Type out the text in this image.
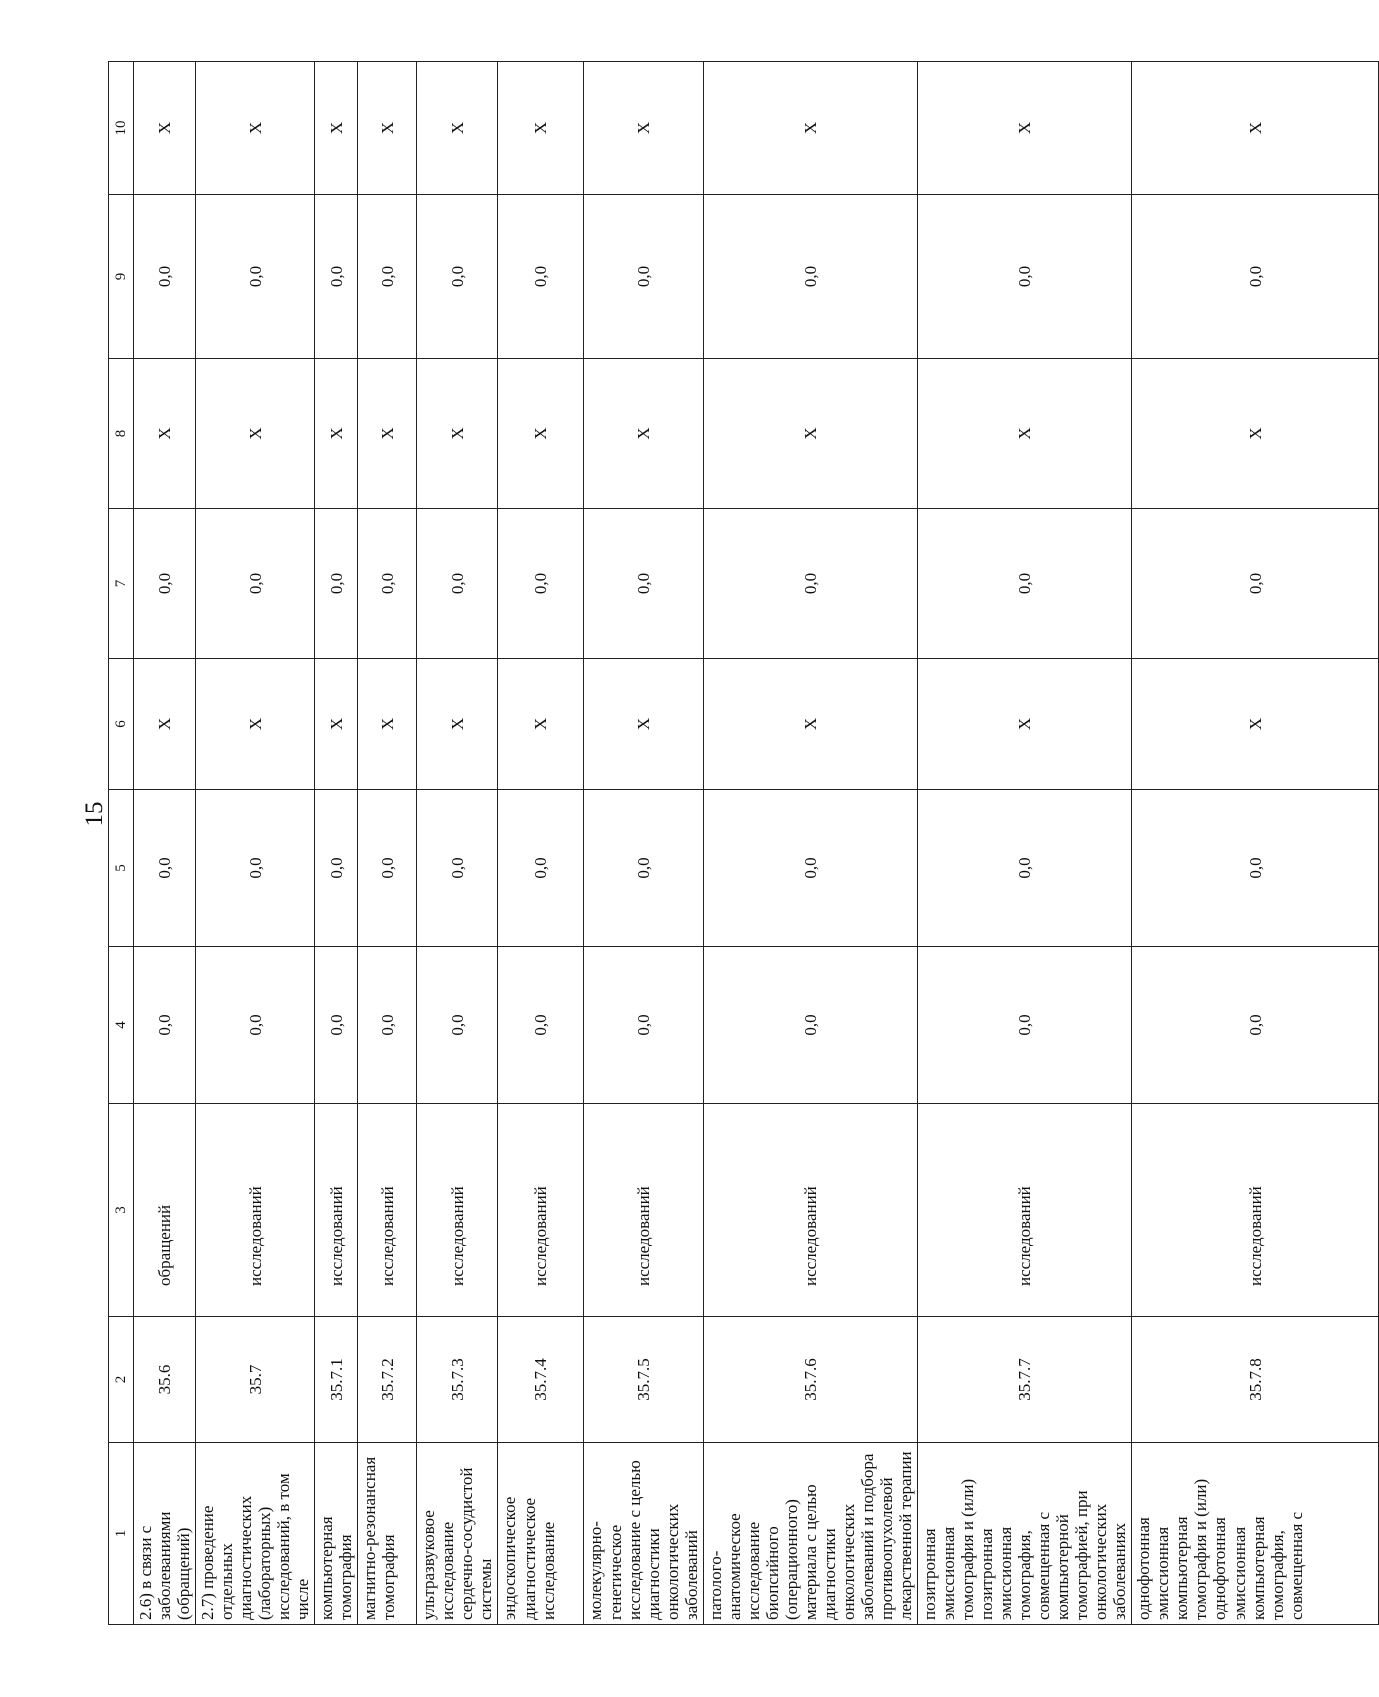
15
1	2	3	4	5	6	7	8	9	10
2.6) в связи с заболеваниями (обращений)	35.6	обращений	0,0	0,0	X	0,0	X	0,0	X
2.7) проведение отдельных диагностических (лабораторных) исследований, в том числе	35.7	исследований	0,0	0,0	X	0,0	X	0,0	X
компьютерная томография	35.7.1	исследований	0,0	0,0	X	0,0	X	0,0	X
магнитно-резонансная томография	35.7.2	исследований	0,0	0,0	X	0,0	X	0,0	X
ультразвуковое исследование сердечно-сосудистой системы	35.7.3	исследований	0,0	0,0	X	0,0	X	0,0	X
эндоскопическое диагностическое исследование	35.7.4	исследований	0,0	0,0	X	0,0	X	0,0	X
молекулярно-генетическое исследование с целью диагностики онкологических заболеваний	35.7.5	исследований	0,0	0,0	X	0,0	X	0,0	X
патолого-анатомическое исследование биопсийного (операционного) материала с целью диагностики онкологических заболеваний и подбора противоопухолевой лекарственной терапии	35.7.6	исследований	0,0	0,0	X	0,0	X	0,0	X
позитронная эмиссионная томография и (или) позитронная эмиссионная томография, совмещенная с компьютерной томографией, при онкологических заболеваниях	35.7.7	исследований	0,0	0,0	X	0,0	X	0,0	X
однофотонная эмиссионная компьютерная томография и (или) однофотонная эмиссионная компьютерная томография, совмещенная с	35.7.8	исследований	0,0	0,0	X	0,0	X	0,0	X
